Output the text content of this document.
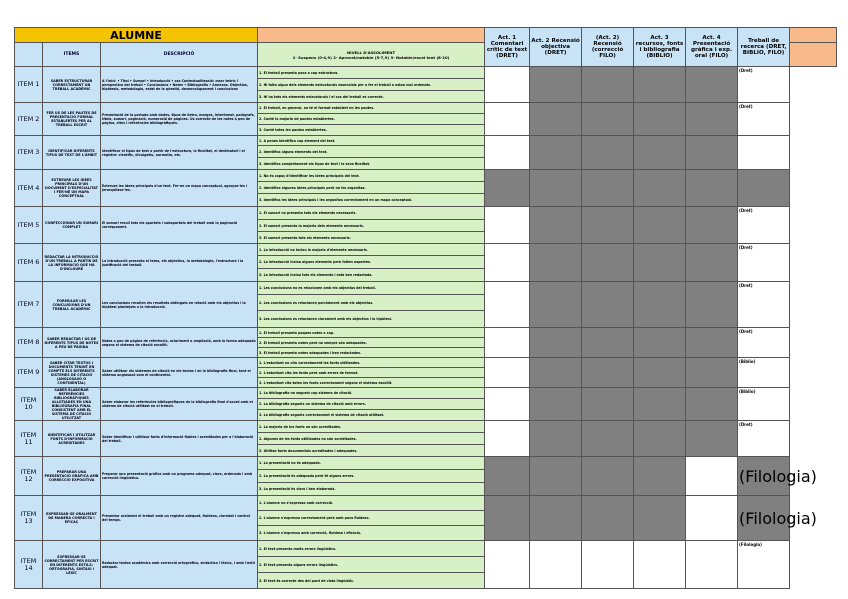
ALUMNE				Act. 1 Comentari crític de text (DRET)	Act. 2 Recensió objectiva (DRET)	(Act. 2) Recensió (correcció FILO)	Act. 3 recursos, fonts i bibliografia (BIBLIO)	Act. 4 Presentació gràfica i exp. oral (FILO)	Treball de recerca (DRET, BIBLIO, FILO)	
	ITEMS	DESCRIPCIÓ	NIVELL D'ASSOLIMENT
1- Suspens (0-4,9) 2- Aprovat/notable (5-7,9) 3- Notable/excel·lent (8-10)							

ITEM 1	SABER ESTRUCTURAR CORRECTAMENT UN TREBALL ACADÈMIC	A l'inici: • Títol • Sumari • Introducció • cos Contextualització: marc teòric i perspectiva del treball • Conclusions • Notes • Bibliografia • Annexos. Objectius, hipòtesis, metodologia, estat de la qüestió, desenvolupament i conclusions	1. El treball presenta poca o cap estructura.						(Dret)	
			2. Hi falta algun dels elements estructurals essencials per a fer el treball o estan mal ordenats.							
			3. Hi ha tots els elements estructurals i el cos del treball es correcte.							
ITEM 2	FER ÚS DE LES PAUTES DE PRESENTACIÓ FORMAL ESTABLERTES PER AL TREBALL ESCRIT	Presentació de la portada amb dades, tipus de lletra, marges, interlineat, paràgrafs, títols, sumari, paginació, numeració de pàgines. Ús correcte de les notes a peu de pàgina, cites i referències bibliogràfiques.	1. El treball, en general, no té el format establert en les pautes.						(Dret)	
			2. Conté la majoria de pautes establertes.							
			3. Conté totes les pautes establertes.							
ITEM 3	IDENTIFICAR DIFERENTS TIPUS DE TEXT DE L'ÀMBIT	Identificar el tipus de text a partir de l'estructura, la finalitat, el destinatari i el registre: científic, divulgatiu, normatiu, etc.	1. A penes identifica cap element del text.							
			2. Identifica alguns elements del text.							
			3. Identifica completament els tipus de text i la seva finalitat.							
ITEM 4	EXTREURE LES IDEES PRINCIPALS D'UN DOCUMENT D'ESPECIALITAT I FER-NE UN MAPA CONCEPTUAL	Extreure les idees principals d'un text. Fer-ne un mapa conceptual, agrupar-les i jerarquitzar-les.	1. No és capaç d'identificar les idees principals del text.							
			2. Identifica algunes idees principals però no les organitza.							
			3. Identifica les idees principals i les organitza correctament en un mapa conceptual.							
ITEM 5	CONFECCIONAR UN SUMARI COMPLET	El sumari recull tots els apartats i subapartats del treball amb la paginació corresponent.	1. El sumari no presenta tots els elements necessaris.						(Dret)	
			2. El sumari presenta la majoria dels elements necessaris.							
			3. El sumari presenta tots els elements necessaris.							
ITEM 6	REDACTAR LA INTRODUCCIÓ D'UN TREBALL A PARTIR DE LA INFORMACIÓ QUE HA D'INCLOURE	La introducció presenta el tema, els objectius, la metodologia, l'estructura i la justificació del treball.	1. La introducció no inclou la majoria d'elements necessaris.						(Dret)	
			2. La introducció inclou alguns elements però falten aspectes.							
			3. La introducció inclou tots els elements i està ben redactada.							
ITEM 7	FORMULAR LES CONCLUSIONS D'UN TREBALL ACADÈMIC	Les conclusions recullen els resultats obtinguts en relació amb els objectius i la hipòtesi plantejats a la introducció.	1. Les conclusions no es relacionen amb els objectius del treball.						(Dret)	
			2. Les conclusions es relacionen parcialment amb els objectius.							
			3. Les conclusions es relacionen clarament amb els objectius i la hipòtesi.							
ITEM 8	SABER REDACTAR I ÚS DE DIFERENTS TIPUS DE NOTES A PEU DE PÀGINA	Notes a peu de pàgina de referència, aclariment o ampliació, amb la forma adequada segons el sistema de citació escollit.	1. El treball presenta poques notes o cap.						(Dret)	
			2. El treball presenta notes però no sempre són adequades.							
			3. El treball presenta notes adequades i ben redactades.							
ITEM 9	SABER CITAR TEXTOS I DOCUMENTS TENINT EN COMPTE ELS DIFERENTS SISTEMES DE CITACIÓ (ANGLOSAXÓ O CONTINENTAL)	Saber utilitzar els sistemes de citació en els textos i en la bibliografia final, tant el sistema anglosaxó com el continental.	1. L'estudiant no cita correctament les fonts utilitzades.						(Biblio)	
			2. L'estudiant cita les fonts però amb errors de format.							
			3. L'estudiant cita totes les fonts correctament segons el sistema escollit.							
ITEM 10	SABER ELABORAR REFERÈNCIES BIBLIOGRÀFIQUES ALLOTJADES EN UNA BIBLIOGRAFIA FINAL CONSISTENT AMB EL SISTEMA DE CITACIÓ UTILITZAT	Saber elaborar les referències bibliogràfiques de la bibliografia final d'acord amb el sistema de citació utilitzat en el treball.	1. La bibliografia no segueix cap sistema de citació.						(Biblio)	
			2. La bibliografia segueix un sistema de citació amb errors.							
			3. La bibliografia segueix correctament el sistema de citació utilitzat.							
ITEM 11	IDENTIFICAR I UTILITZAR FONTS D'INFORMACIÓ ACREDITADES	Saber identificar i utilitzar fonts d'informació fiables i acreditades per a l'elaboració del treball.	1. La majoria de les fonts no són acreditades.						(Dret)	
			2. Algunes de les fonts utilitzades no són acreditades.							
			3. Utilitza fonts documentals acreditades i adequades.							
ITEM 12	PREPARAR UNA PRESENTACIÓ GRÀFICA AMB CORRECCIÓ EXPOSITIVA	Preparar una presentació gràfica amb un programa adequat, clara, ordenada i amb correcció lingüística.	1. La presentació no és adequada.						(Filologia)	
			2. La presentació és adequada però té alguns errors.							
			3. La presentació és clara i ben elaborada.							
ITEM 13	EXPRESSAR-SE ORALMENT DE MANERA CORRECTA I EFICAÇ	Presentar oralment el treball amb un registre adequat, fluïdesa, claredat i control del temps.	1. L'alumne no s'expressa amb correcció.						(Filologia)	
			2. L'alumne s'expressa correctament però amb poca fluïdesa.							
			3. L'alumne s'expressa amb correcció, fluïdesa i eficàcia.							
ITEM 14	EXPRESSAR-SE CORRECTAMENT PER ESCRIT EN DIFERENTS ESTILS: ORTOGRAFIA, SINTAXI I LÈXIC	Redactar textos acadèmics amb correcció ortogràfica, sintàctica i lèxica, i amb l'estil adequat.	1. El text presenta molts errors lingüístics.						(Filologia)	
			2. El text presenta alguns errors lingüístics.							
			3. El text és correcte des del punt de vista lingüístic.							
